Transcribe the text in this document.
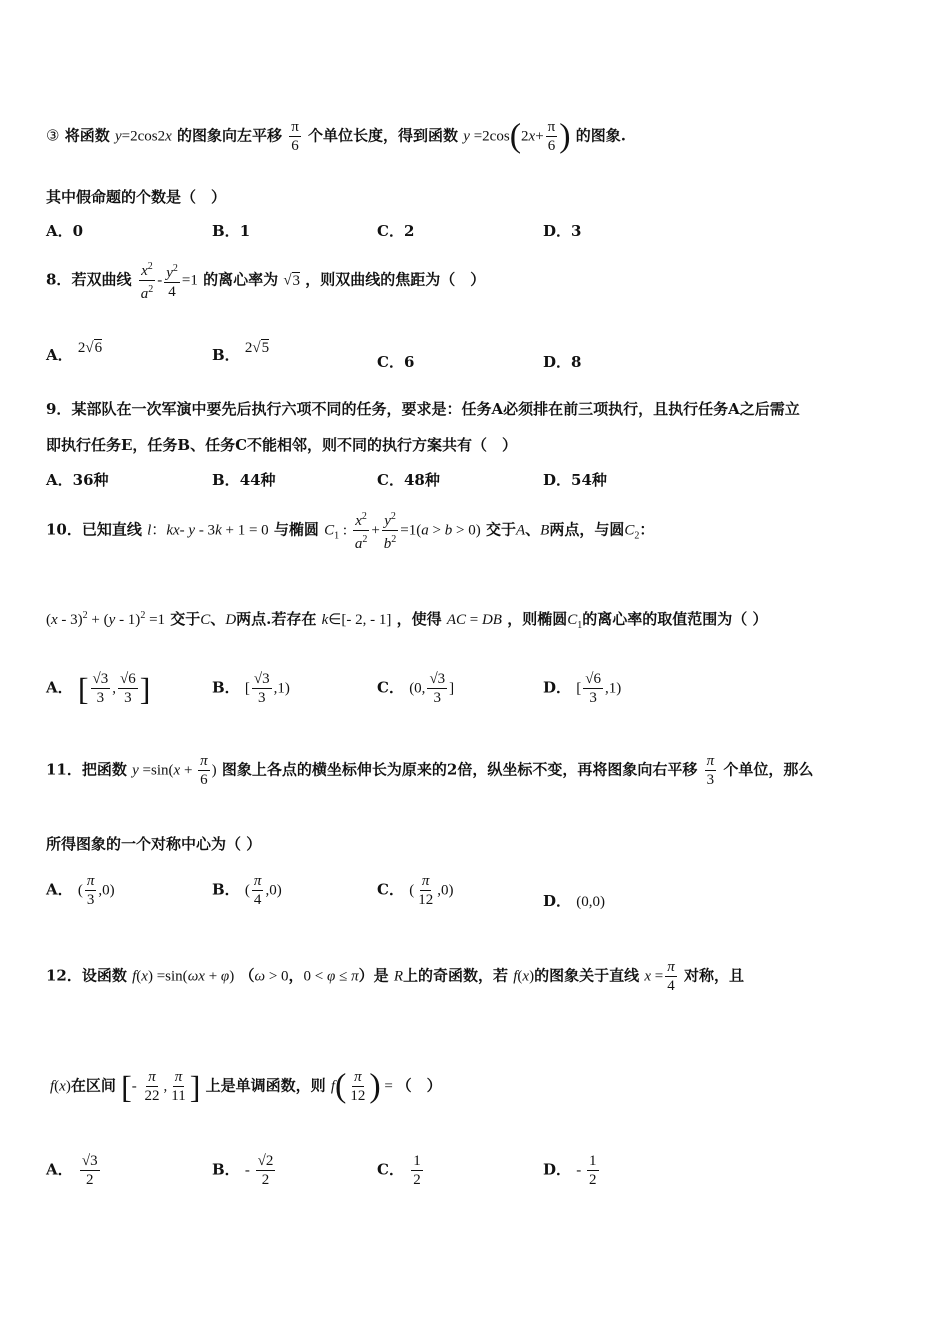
③ 将函数 y=2cos2x 的图象向左平移 $\frac{\pi}{6}$ 个单位长度，得到函数 $y =2\cos(2x+ \frac{\pi}{6}$ ) 的图象.
其中假命题的个数是（　）
A．0	B．1	C．2	D．3
8．若双曲线 $\frac{x^2}{a^2} - \frac{y^2}{4} =1$ 的离心率为 √3 ，则双曲线的焦距为（　）
A． 2√6	B． 2√5
C．6	D．8
9．某部队在一次军演中要先后执行六项不同的任务，要求是：任务A必须排在前三项执行，且执行任务A之后需立
即执行任务E，任务B、任务C不能相邻，则不同的执行方案共有（　）
A．36种	B．44种	C．48种	D．54种
10．已知直线 l：kx- y - 3k + 1 = 0 与椭圆 $C_1$ : $\frac{x^2}{a^2} + \frac{y^2}{b^2} =1(a > b > 0)$ 交于A、B两点，与圆$C_2$：
(x - 3)$^2$ + (y - 1)$^2$ =1 交于C、D两点.若存在 k∈[- 2, - 1] ，使得 AC = DB ，则椭圆$C_1$的离心率的取值范围为（ ）
A． [ $\frac{√3}{3}$ , $\frac{√6}{3}$ ]	B． [ $\frac{√3}{3} ,1$)	C． (0, $\frac{√3}{3}$ ]	D． [ $\frac{√6}{3} ,1$)
11．把函数 $y =\sin(x + \frac{\pi}{6}$ ) 图象上各点的横坐标伸长为原来的2倍，纵坐标不变，再将图象向右平移 $\frac{\pi}{3}$ 个单位，那么
所得图象的一个对称中心为（ ）
A． ( $\frac{\pi}{3} ,0$)	B． ( $\frac{\pi}{4} ,0$)	C． ( $\frac{\pi}{12} ,0$)
D． (0,0)
12．设函数 f(x) =sin(ωx + φ) （ω > 0，0 < φ ≤ π）是 R上的奇函数，若 f(x)的图象关于直线 $x = \frac{\pi}{4}$ 对称，且
f(x)在区间 [- $\frac{\pi}{22}$ , $\frac{\pi}{11}$ ] 上是单调函数，则 $f( \frac{\pi}{12}$ ) = （　）
A． $\frac{√3}{2}$	B． - $\frac{√2}{2}$	C． $\frac{1}{2}$	D． - $\frac{1}{2}$
